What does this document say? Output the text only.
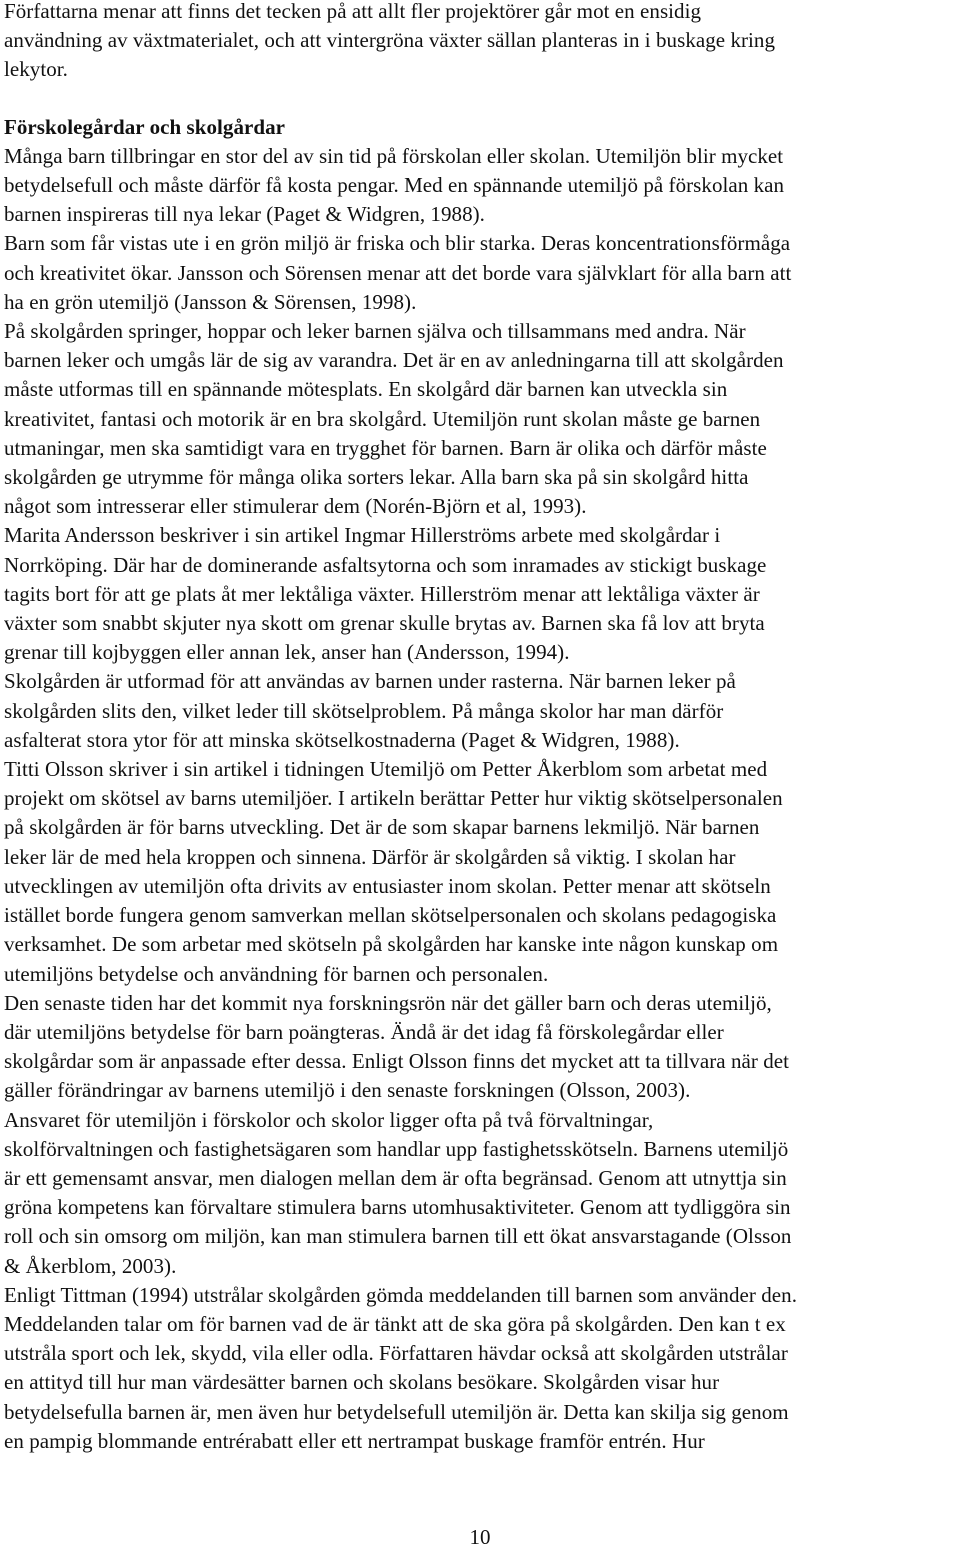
Författarna menar att finns det tecken på att allt fler projektörer går mot en ensidig
användning av växtmaterialet, och att vintergröna växter sällan planteras in i buskage kring
lekytor.
Förskolegårdar och skolgårdar
Många barn tillbringar en stor del av sin tid på förskolan eller skolan. Utemiljön blir mycket
betydelsefull och måste därför få kosta pengar. Med en spännande utemiljö på förskolan kan
barnen inspireras till nya lekar (Paget & Widgren, 1988).
Barn som får vistas ute i en grön miljö är friska och blir starka. Deras koncentrationsförmåga
och kreativitet ökar. Jansson och Sörensen menar att det borde vara självklart för alla barn att
ha en grön utemiljö (Jansson & Sörensen, 1998).
På skolgården springer, hoppar och leker barnen själva och tillsammans med andra. När
barnen leker och umgås lär de sig av varandra. Det är en av anledningarna till att skolgården
måste utformas till en spännande mötesplats. En skolgård där barnen kan utveckla sin
kreativitet, fantasi och motorik är en bra skolgård. Utemiljön runt skolan måste ge barnen
utmaningar, men ska samtidigt vara en trygghet för barnen. Barn är olika och därför måste
skolgården ge utrymme för många olika sorters lekar. Alla barn ska på sin skolgård hitta
något som intresserar eller stimulerar dem (Norén-Björn et al, 1993).
Marita Andersson beskriver i sin artikel Ingmar Hillerströms arbete med skolgårdar i
Norrköping. Där har de dominerande asfaltsytorna och som inramades av stickigt buskage
tagits bort för att ge plats åt mer lektåliga växter. Hillerström menar att lektåliga växter är
växter som snabbt skjuter nya skott om grenar skulle brytas av. Barnen ska få lov att bryta
grenar till kojbyggen eller annan lek, anser han (Andersson, 1994).
Skolgården är utformad för att användas av barnen under rasterna. När barnen leker på
skolgården slits den, vilket leder till skötselproblem. På många skolor har man därför
asfalterat stora ytor för att minska skötselkostnaderna (Paget & Widgren, 1988).
Titti Olsson skriver i sin artikel i tidningen Utemiljö om Petter Åkerblom som arbetat med
projekt om skötsel av barns utemiljöer. I artikeln berättar Petter hur viktig skötselpersonalen
på skolgården är för barns utveckling. Det är de som skapar barnens lekmiljö. När barnen
leker lär de med hela kroppen och sinnena. Därför är skolgården så viktig. I skolan har
utvecklingen av utemiljön ofta drivits av entusiaster inom skolan. Petter menar att skötseln
istället borde fungera genom samverkan mellan skötselpersonalen och skolans pedagogiska
verksamhet. De som arbetar med skötseln på skolgården har kanske inte någon kunskap om
utemiljöns betydelse och användning för barnen och personalen.
Den senaste tiden har det kommit nya forskningsrön när det gäller barn och deras utemiljö,
där utemiljöns betydelse för barn poängteras. Ändå är det idag få förskolegårdar eller
skolgårdar som är anpassade efter dessa. Enligt Olsson finns det mycket att ta tillvara när det
gäller förändringar av barnens utemiljö i den senaste forskningen (Olsson, 2003).
Ansvaret för utemiljön i förskolor och skolor ligger ofta på två förvaltningar,
skolförvaltningen och fastighetsägaren som handlar upp fastighetsskötseln. Barnens utemiljö
är ett gemensamt ansvar, men dialogen mellan dem är ofta begränsad. Genom att utnyttja sin
gröna kompetens kan förvaltare stimulera barns utomhusaktiviteter. Genom att tydliggöra sin
roll och sin omsorg om miljön, kan man stimulera barnen till ett ökat ansvarstagande (Olsson
& Åkerblom, 2003).
Enligt Tittman (1994) utstrålar skolgården gömda meddelanden till barnen som använder den.
Meddelanden talar om för barnen vad de är tänkt att de ska göra på skolgården. Den kan t ex
utstråla sport och lek, skydd, vila eller odla. Författaren hävdar också att skolgården utstrålar
en attityd till hur man värdesätter barnen och skolans besökare. Skolgården visar hur
betydelsefulla barnen är, men även hur betydelsefull utemiljön är. Detta kan skilja sig genom
en pampig blommande entrérabatt eller ett nertrampat buskage framför entrén. Hur
10
